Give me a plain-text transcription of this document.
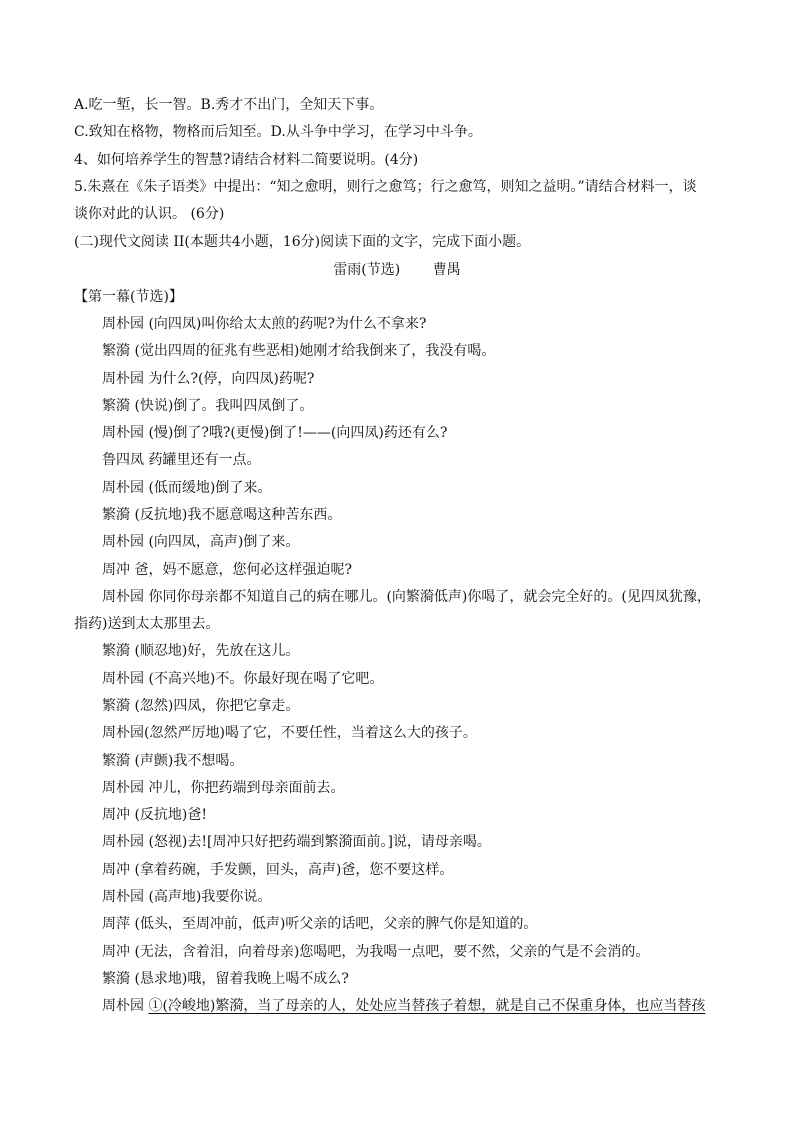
A.吃一堑，长一智。B.秀才不出门，全知天下事。
C.致知在格物，物格而后知至。D.从斗争中学习，在学习中斗争。
4、如何培养学生的智慧?请结合材料二简要说明。(4分)
5.朱熹在《朱子语类》中提出：“知之愈明，则行之愈笃；行之愈笃，则知之益明。”请结合材料一，谈
谈你对此的认识。 (6分)
(二)现代文阅读 II(本题共4小题，16分)阅读下面的文字，完成下面小题。
雷雨(节选) 曹禺
【第一幕(节选)】
周朴园 (向四凤)叫你给太太煎的药呢?为什么不拿来?
繁漪 (觉出四周的征兆有些恶相)她刚才给我倒来了，我没有喝。
周朴园 为什么?(停，向四凤)药呢?
繁漪 (快说)倒了。我叫四凤倒了。
周朴园 (慢)倒了?哦?(更慢)倒了!——(向四凤)药还有么?
鲁四凤 药罐里还有一点。
周朴园 (低而缓地)倒了来。
繁漪 (反抗地)我不愿意喝这种苦东西。
周朴园 (向四凤，高声)倒了来。
周冲 爸，妈不愿意，您何必这样强迫呢?
周朴园 你同你母亲都不知道自己的病在哪儿。(向繁漪低声)你喝了，就会完全好的。(见四凤犹豫，
指药)送到太太那里去。
繁漪 (顺忍地)好，先放在这儿。
周朴园 (不高兴地)不。你最好现在喝了它吧。
繁漪 (忽然)四凤，你把它拿走。
周朴园(忽然严厉地)喝了它，不要任性，当着这么大的孩子。
繁漪 (声颤)我不想喝。
周朴园 冲儿，你把药端到母亲面前去。
周冲 (反抗地)爸!
周朴园 (怒视)去![周冲只好把药端到繁漪面前。]说，请母亲喝。
周冲 (拿着药碗，手发颤，回头，高声)爸，您不要这样。
周朴园 (高声地)我要你说。
周萍 (低头，至周冲前，低声)听父亲的话吧，父亲的脾气你是知道的。
周冲 (无法，含着泪，向着母亲)您喝吧，为我喝一点吧，要不然，父亲的气是不会消的。
繁漪 (恳求地)哦，留着我晚上喝不成么?
周朴园 ①(冷峻地)繁漪，当了母亲的人，处处应当替孩子着想，就是自己不保重身体，也应当替孩
